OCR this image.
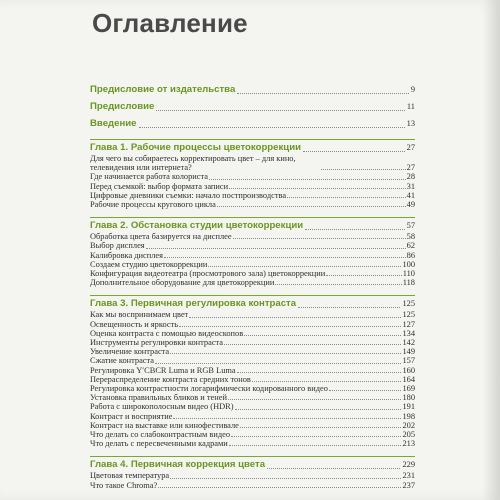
Оглавление
Предисловие от издательства	9
Предисловие	11
Введение	13
Глава 1. Рабочие процессы цветокоррекции	27
Для чего вы собираетесь корректировать цвет – для кино, телевидения или интернета?	27
Где начинается работа колориста	28
Перед съемкой: выбор формата записи	31
Цифровые дневники съемки: начало постпроизводства	41
Рабочие процессы кругового цикла	49
Глава 2. Обстановка студии цветокоррекции	57
Обработка цвета базируется на дисплее	58
Выбор дисплея	62
Калибровка дисплея	86
Создаем студию цветокоррекции	100
Конфигурация видеотеатра (просмотрового зала) цветокоррекции	110
Дополнительное оборудование для цветокоррекции	118
Глава 3. Первичная регулировка контраста	125
Как мы воспринимаем цвет	125
Освещенность и яркость	127
Оценка контраста с помощью видеоскопов	134
Инструменты регулировки контраста	142
Увеличение контраста	149
Сжатие контраста	157
Регулировка Y′CBCR Luma и RGB Luma	160
Перераспределение контраста средних тонов	164
Регулировка контрастности логарифмически кодированного видео	169
Установка правильных бликов и теней	180
Работа с широкополосным видео (HDR)	191
Контраст и восприятие	198
Контраст на выставке или кинофестивале	202
Что делать со слабоконтрастным видео	205
Что делать с пересвеченными кадрами	213
Глава 4. Первичная коррекция цвета	229
Цветовая температура	231
Что такое Chroma?	237
